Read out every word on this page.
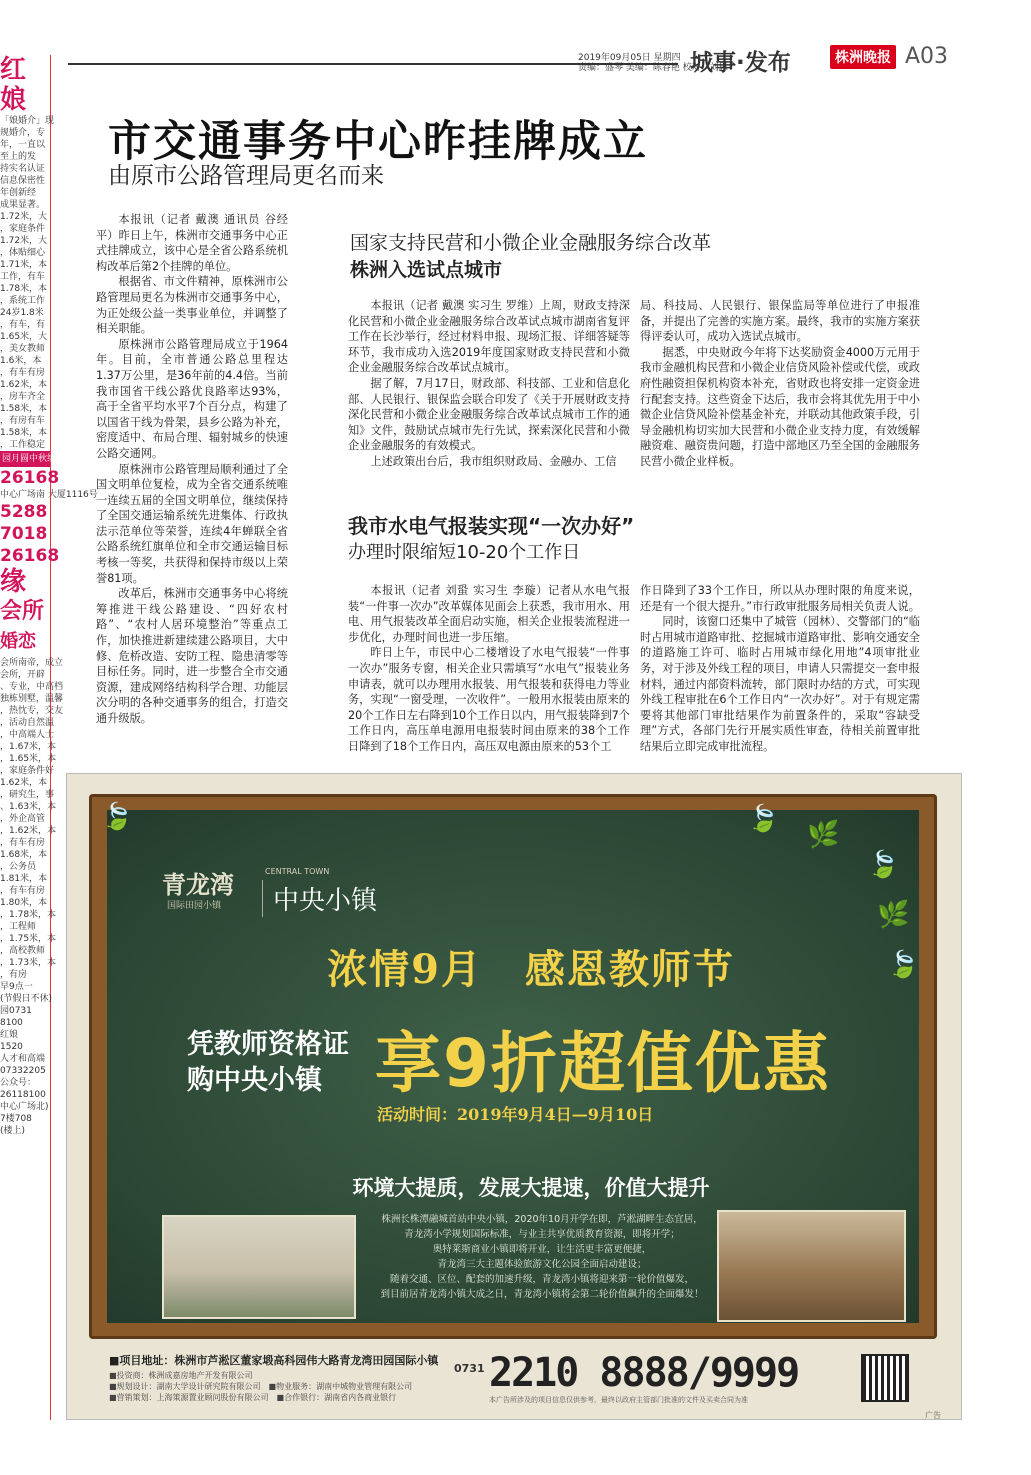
红娘
「娘婚介」现
规婚介，专
年，一直以
至上的发
持实名认证
信息保密性
年创新经
成果显著。
1.72米，大
，家庭条件
1.72米，大
，体贴细心
1.71米，本
工作，有车
1.78米，本
，系统工作
24岁1.8米
，有车，有
1.65米，大
，美女教师
1.6米，本
，有车有房
1.62米，本
，房车齐全
1.58米，本
，有房有车
1.58米，本
，工作稳定
园月圆中秋缘 交友加盟，有缘
26168
中心广场南 大厦1116号
5288
7018
26168
缘
会所
婚恋
会所南帝，成立
会所，开辟
、专业，中高档
独栋别墅，温馨
，热忱专，交友
，活动自然温
，中高端人士
，1.67米，本
，1.65米，本
，家庭条件好
1.62米，本
，研究生，事
、1.63米，本
，外企高管
，1.62米，本
，有车有房
1.68米，本
，公务员
1.81米，本
，有车有房
1.80米，本
，1.78米，本
，工程师
，1.75米，本
，高校教师
，1.73米，本
，有房
早9点一
(节假日不休)
园0731
8100
红娘
1520
人才和高端
07332205
公众号：
26118100
中心广场北)
7楼708
(楼上)
2019年09月05日 星期四
责编：盛琴 美编：陈春艳 校对：刘思
城事·发布	株洲晚报 A03
市交通事务中心昨挂牌成立
由原市公路管理局更名而来

本报讯（记者 戴澳 通讯员 谷经平）昨日上午，株洲市交通事务中心正式挂牌成立，该中心是全省公路系统机构改革后第2个挂牌的单位。

根据省、市文件精神，原株洲市公路管理局更名为株洲市交通事务中心，为正处级公益一类事业单位，并调整了相关职能。

原株洲市公路管理局成立于1964年。目前，全市普通公路总里程达1.37万公里，是36年前的4.4倍。当前我市国省干线公路优良路率达93%，高于全省平均水平7个百分点，构建了以国省干线为骨架，县乡公路为补充，密度适中、布局合理、辐射城乡的快速公路交通网。

原株洲市公路管理局顺利通过了全国文明单位复检，成为全省交通系统唯一连续五届的全国文明单位，继续保持了全国交通运输系统先进集体、行政执法示范单位等荣誉，连续4年蝉联全省公路系统红旗单位和全市交通运输目标考核一等奖，共获得和保持市级以上荣誉81项。

改革后，株洲市交通事务中心将统筹推进干线公路建设、“四好农村路”、“农村人居环境整治”等重点工作，加快推进新建续建公路项目，大中修、危桥改造、安防工程、隐患清零等目标任务。同时，进一步整合全市交通资源，建成网络结构科学合理、功能层次分明的各种交通事务的组合，打造交通升级版。

国家支持民营和小微企业金融服务综合改革
株洲入选试点城市

本报讯（记者 戴澳 实习生 罗维）上周，财政支持深化民营和小微企业金融服务综合改革试点城市湖南省复评工作在长沙举行，经过材料申报、现场汇报、详细答疑等环节，我市成功入选2019年度国家财政支持民营和小微企业金融服务综合改革试点城市。

据了解，7月17日，财政部、科技部、工业和信息化部、人民银行、银保监会联合印发了《关于开展财政支持深化民营和小微企业金融服务综合改革试点城市工作的通知》文件，鼓励试点城市先行先试，探索深化民营和小微企业金融服务的有效模式。

上述政策出台后，我市组织财政局、金融办、工信

局、科技局、人民银行、银保监局等单位进行了申报准备，并提出了完善的实施方案。最终，我市的实施方案获得评委认可，成功入选试点城市。

据悉，中央财政今年将下达奖励资金4000万元用于我市金融机构民营和小微企业信贷风险补偿或代偿，或政府性融资担保机构资本补充，省财政也将安排一定资金进行配套支持。这些资金下达后，我市会将其优先用于中小微企业信贷风险补偿基金补充，并联动其他政策手段，引导金融机构切实加大民营和小微企业支持力度，有效缓解融资难、融资贵问题，打造中部地区乃至全国的金融服务民营小微企业样板。

我市水电气报装实现“一次办好”
办理时限缩短10-20个工作日

本报讯（记者 刘蛩 实习生 李璇）记者从水电气报装“一件事一次办”改革媒体见面会上获悉，我市用水、用电、用气报装改革全面启动实施，相关企业报装流程进一步优化，办理时间也进一步压缩。

昨日上午，市民中心二楼增设了水电气报装“一件事一次办”服务专窗，相关企业只需填写“水电气”报装业务申请表，就可以办理用水报装、用气报装和获得电力等业务，实现“一窗受理，一次收件”。一般用水报装由原来的20个工作日左右降到10个工作日以内，用气报装降到7个工作日内，高压单电源用电报装时间由原来的38个工作日降到了18个工作日内，高压双电源由原来的53个工

作日降到了33个工作日，所以从办理时限的角度来说，还是有一个很大提升。”市行政审批服务局相关负责人说。

同时，该窗口还集中了城管（园林）、交警部门的“临时占用城市道路审批、挖掘城市道路审批、影响交通安全的道路施工许可、临时占用城市绿化用地”4项审批业务，对于涉及外线工程的项目，申请人只需提交一套申报材料，通过内部资料流转，部门限时办结的方式，可实现外线工程审批在6个工作日内“一次办好”。对于有规定需要将其他部门审批结果作为前置条件的，采取“容缺受理”方式，各部门先行开展实质性审查，待相关前置审批结果后立即完成审批流程。

🍃	🍃
🌿
🍃
🌿
🍃
青龙湾
国际田园小镇
CENTRAL TOWN
中央小镇
浓情9月　感恩教师节
凭教师资格证
购中央小镇 享9折超值优惠
活动时间：2019年9月4日—9月10日
环境大提质，发展大提速，价值大提升
株洲长株潭融城首站中央小镇，2020年10月开学在即，芦淞湖畔生态宜居，
青龙湾小学规划国际标准，与业主共享优质教育资源，即将开学；
奥特莱斯商业小镇即将开业，让生活更丰富更便捷，
青龙湾三大主题体验旅游文化公园全面启动建设；
随着交通、区位、配套的加速升级，青龙湾小镇将迎来第一轮价值爆发，
到目前居青龙湾小镇大成之日，青龙湾小镇将会第二轮价值飙升的全面爆发！
■项目地址：株洲市芦淞区董家塅高科园伟大路青龙湾田园国际小镇
■投资商：株洲成嘉房地产开发有限公司
■规划设计：湖南大学设计研究院有限公司　■物业服务：湖南中城物业管理有限公司
■营销策划：上海策源置业顾问股份有限公司　■合作银行：湖南省内各商业银行
0731 2210 8888/9999
本广告所涉及的项目信息仅供参考，最终以政府主管部门批准的文件及买卖合同为准
广告
